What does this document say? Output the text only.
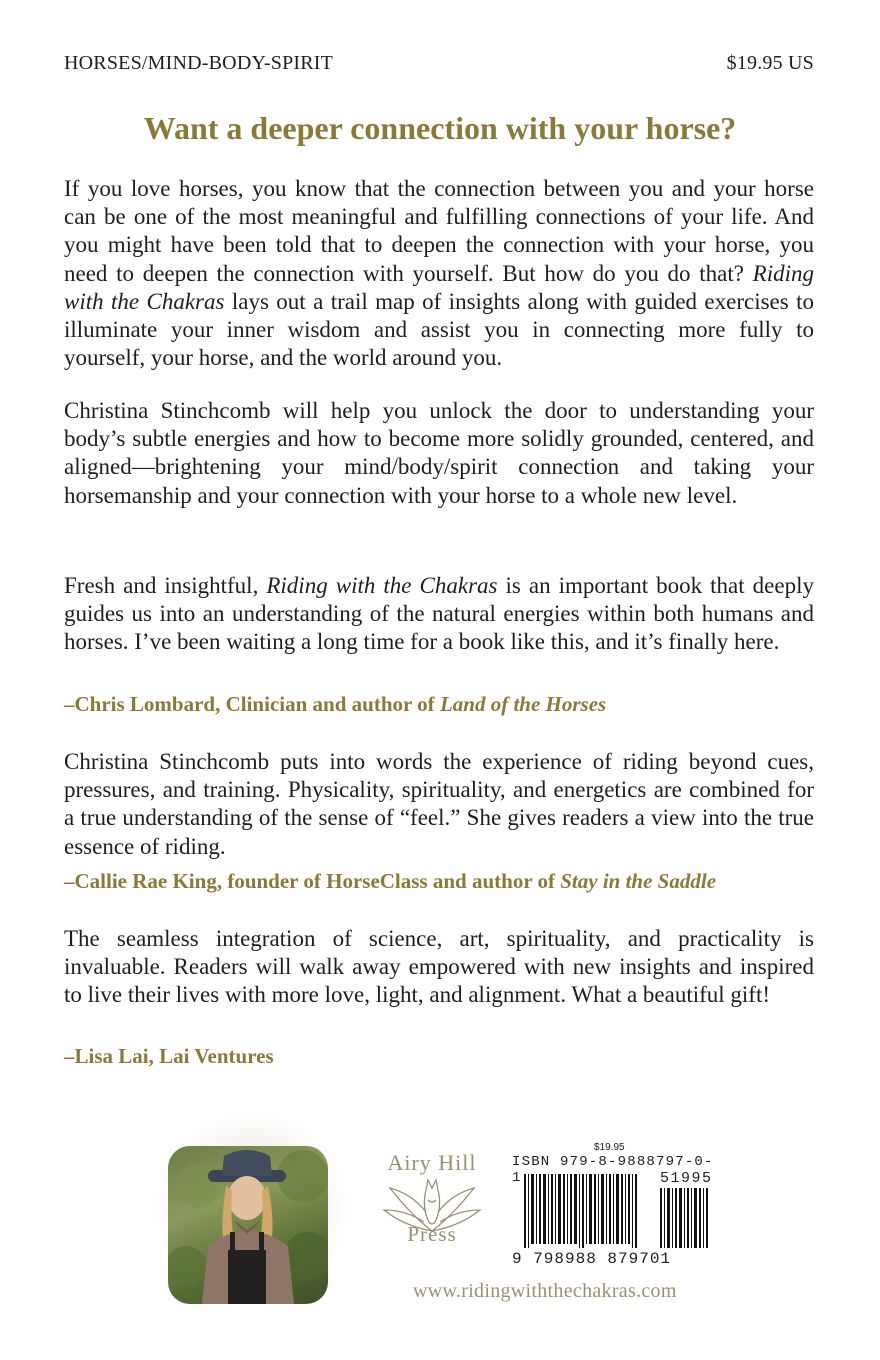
HORSES/MIND-BODY-SPIRIT	$19.95 US
Want a deeper connection with your horse?

If you love horses, you know that the connection between you and your horse can be one of the most meaningful and fulfilling connections of your life. And you might have been told that to deepen the connection with your horse, you need to deepen the connection with yourself. But how do you do that? Riding with the Chakras lays out a trail map of insights along with guided exercises to illuminate your inner wisdom and assist you in connecting more fully to yourself, your horse, and the world around you.

Christina Stinchcomb will help you unlock the door to understanding your body’s subtle energies and how to become more solidly grounded, centered, and aligned—brightening your mind/body/spirit connection and taking your horsemanship and your connection with your horse to a whole new level.

Fresh and insightful, Riding with the Chakras is an important book that deeply guides us into an understanding of the natural energies within both humans and horses. I’ve been waiting a long time for a book like this, and it’s finally here.

–Chris Lombard, Clinician and author of Land of the Horses

Christina Stinchcomb puts into words the experience of riding beyond cues, pressures, and training. Physicality, spirituality, and energetics are combined for a true understanding of the sense of “feel.” She gives readers a view into the true essence of riding.

–Callie Rae King, founder of HorseClass and author of Stay in the Saddle

The seamless integration of science, art, spirituality, and practicality is invaluable. Readers will walk away empowered with new insights and inspired to live their lives with more love, light, and alignment. What a beautiful gift!

–Lisa Lai, Lai Ventures
Airy Hill
Press
$19.95
ISBN 979-8-9888797-0-1	51995
9 798988 879701
www.ridingwiththechakras.com
